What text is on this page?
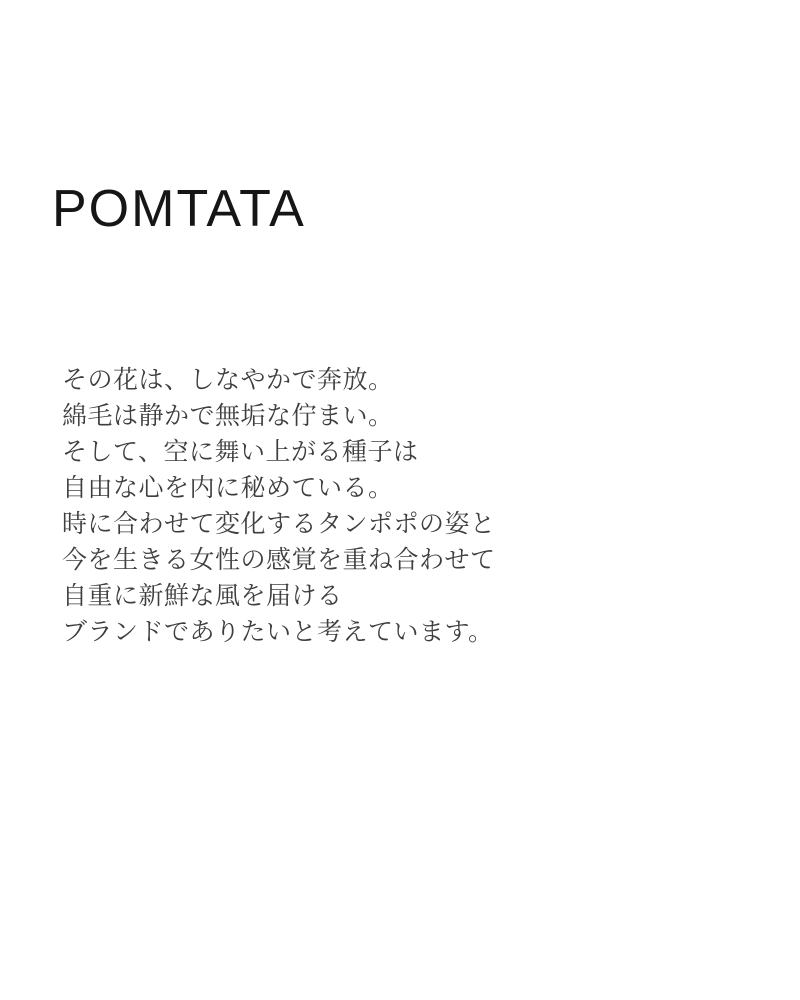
POMTATA
その花は、しなやかで奔放。
綿毛は静かで無垢な佇まい。
そして、空に舞い上がる種子は
自由な心を内に秘めている。
時に合わせて変化するタンポポの姿と
今を生きる女性の感覚を重ね合わせて
自重に新鮮な風を届ける
ブランドでありたいと考えています。
